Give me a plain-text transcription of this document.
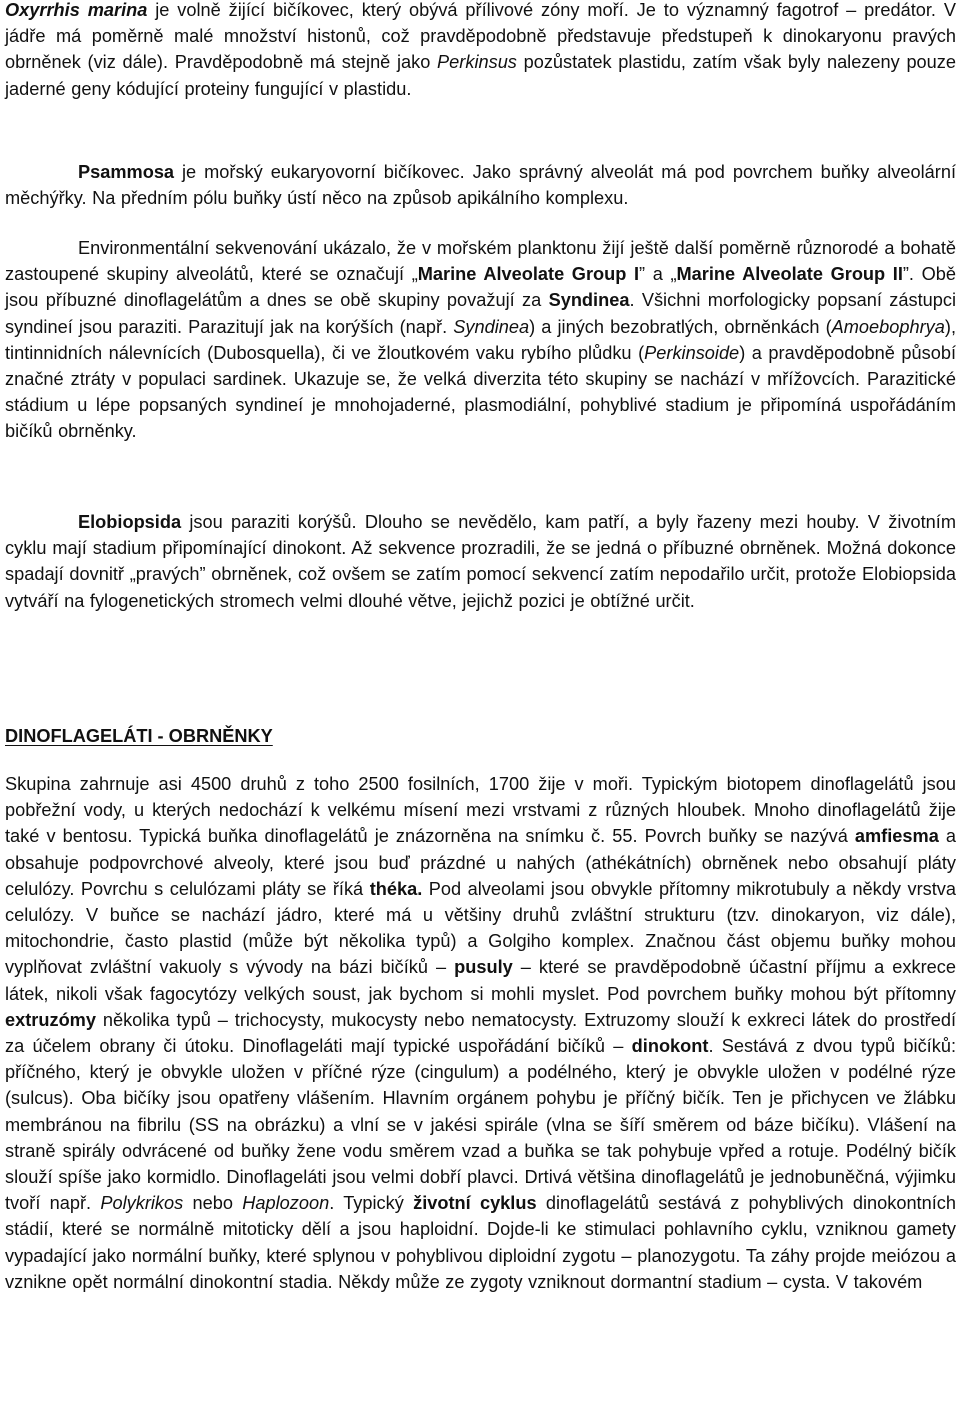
Oxyrrhis marina je volně žijící bičíkovec, který obývá přílivové zóny moří. Je to významný fagotrof – predátor. V jádře má poměrně malé množství histonů, což pravděpodobně představuje předstupeň k dinokaryonu pravých obrněnek (viz dále). Pravděpodobně má stejně jako Perkinsus pozůstatek plastidu, zatím však byly nalezeny pouze jaderné geny kódující proteiny fungující v plastidu.

Psammosa je mořský eukaryovorní bičíkovec. Jako správný alveolát má pod povrchem buňky alveolární měchýřky. Na předním pólu buňky ústí něco na způsob apikálního komplexu.

Environmentální sekvenování ukázalo, že v mořském planktonu žijí ještě další poměrně různorodé a bohatě zastoupené skupiny alveolátů, které se označují „Marine Alveolate Group I” a „Marine Alveolate Group II”. Obě jsou příbuzné dinoflagelátům a dnes se obě skupiny považují za Syndinea. Všichni morfologicky popsaní zástupci syndineí jsou paraziti. Parazitují jak na korýších (např. Syndinea) a jiných bezobratlých, obrněnkách (Amoebophrya), tintinnidních nálevnících (Dubosquella), či ve žloutkovém vaku rybího plůdku (Perkinsoide) a pravděpodobně působí značné ztráty v populaci sardinek. Ukazuje se, že velká diverzita této skupiny se nachází v mřížovcích. Parazitické stádium u lépe popsaných syndineí je mnohojaderné, plasmodiální, pohyblivé stadium je připomíná uspořádáním bičíků obrněnky.

Elobiopsida jsou paraziti korýšů. Dlouho se nevědělo, kam patří, a byly řazeny mezi houby. V životním cyklu mají stadium připomínající dinokont. Až sekvence prozradili, že se jedná o příbuzné obrněnek. Možná dokonce spadají dovnitř „pravých” obrněnek, což ovšem se zatím pomocí sekvencí zatím nepodařilo určit, protože Elobiopsida vytváří na fylogenetických stromech velmi dlouhé větve, jejichž pozici je obtížné určit.

DINOFLAGELÁTI - OBRNĚNKY

Skupina zahrnuje asi 4500 druhů z toho 2500 fosilních, 1700 žije v moři. Typickým biotopem dinoflagelátů jsou pobřežní vody, u kterých nedochází k velkému mísení mezi vrstvami z různých hloubek. Mnoho dinoflagelátů žije také v bentosu. Typická buňka dinoflagelátů je znázorněna na snímku č. 55. Povrch buňky se nazývá amfiesma a obsahuje podpovrchové alveoly, které jsou buď prázdné u nahých (athékátních) obrněnek nebo obsahují pláty celulózy. Povrchu s celulózami pláty se říká théka. Pod alveolami jsou obvykle přítomny mikrotubuly a někdy vrstva celulózy. V buňce se nachází jádro, které má u většiny druhů zvláštní strukturu (tzv. dinokaryon, viz dále), mitochondrie, často plastid (může být několika typů) a Golgiho komplex. Značnou část objemu buňky mohou vyplňovat zvláštní vakuoly s vývody na bázi bičíků – pusuly – které se pravděpodobně účastní příjmu a exkrece látek, nikoli však fagocytózy velkých soust, jak bychom si mohli myslet. Pod povrchem buňky mohou být přítomny extruzómy několika typů – trichocysty, mukocysty nebo nematocysty. Extruzomy slouží k exkreci látek do prostředí za účelem obrany či útoku. Dinoflageláti mají typické uspořádání bičíků – dinokont. Sestává z dvou typů bičíků: příčného, který je obvykle uložen v příčné rýze (cingulum) a podélného, který je obvykle uložen v podélné rýze (sulcus). Oba bičíky jsou opatřeny vlášením. Hlavním orgánem pohybu je příčný bičík. Ten je přichycen ve žlábku membránou na fibrilu (SS na obrázku) a vlní se v jakési spirále (vlna se šíří směrem od báze bičíku). Vlášení na straně spirály odvrácené od buňky žene vodu směrem vzad a buňka se tak pohybuje vpřed a rotuje. Podélný bičík slouží spíše jako kormidlo. Dinoflageláti jsou velmi dobří plavci. Drtivá většina dinoflagelátů je jednobuněčná, výjimku tvoří např. Polykrikos nebo Haplozoon. Typický životní cyklus dinoflagelátů sestává z pohyblivých dinokontních stádií, které se normálně mitoticky dělí a jsou haploidní. Dojde-li ke stimulaci pohlavního cyklu, vzniknou gamety vypadající jako normální buňky, které splynou v pohyblivou diploidní zygotu – planozygotu. Ta záhy projde meiózou a vznikne opět normální dinokontní stadia. Někdy může ze zygoty vzniknout dormantní stadium – cysta. V takovém
